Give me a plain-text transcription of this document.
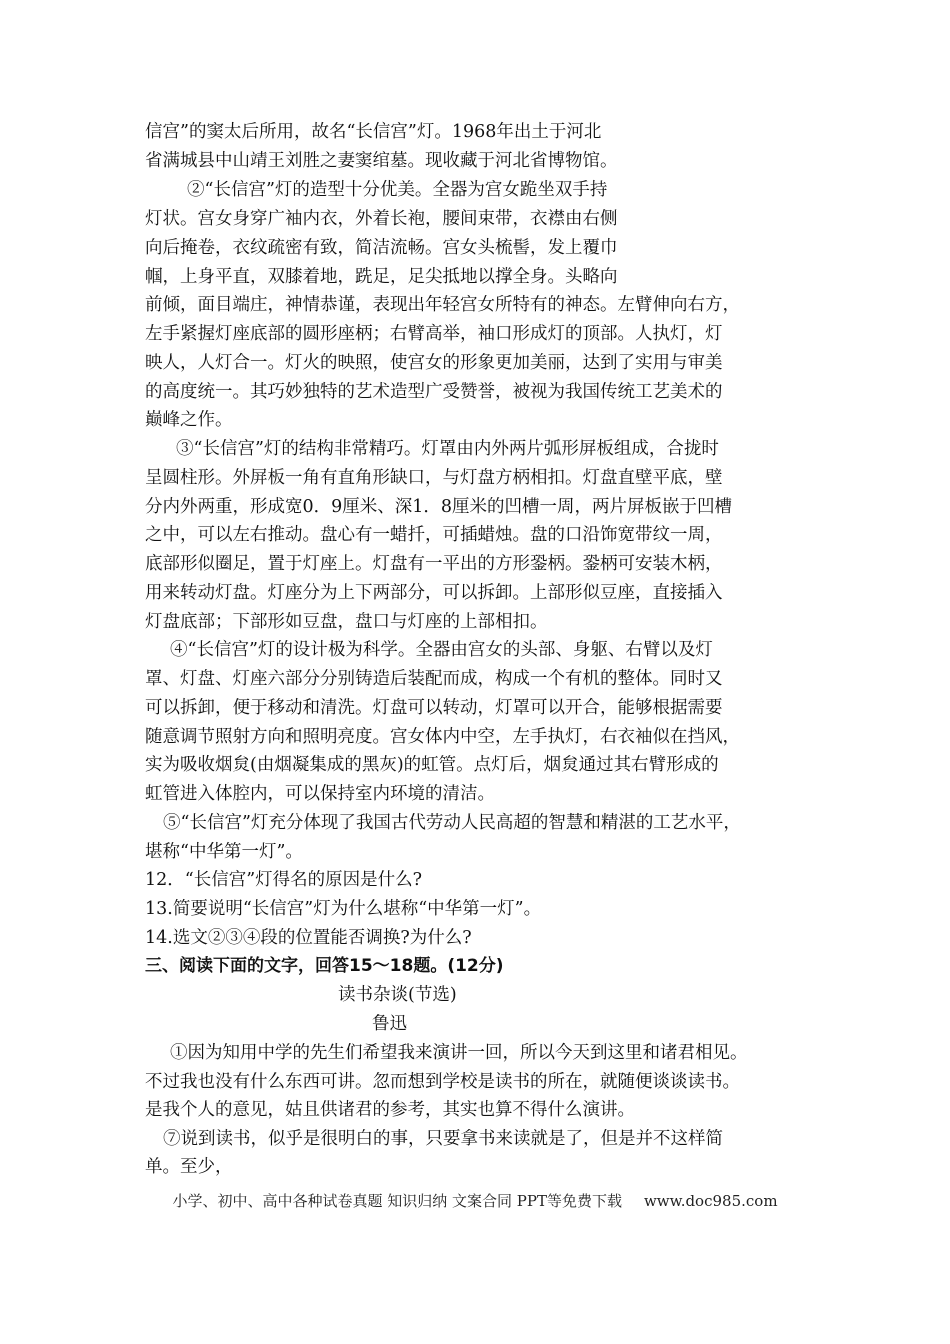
信宫”的窦太后所用，故名“长信宫”灯。1968年出土于河北
省满城县中山靖王刘胜之妻窦绾墓。现收藏于河北省博物馆。
②“长信宫”灯的造型十分优美。全器为宫女跪坐双手持
灯状。宫女身穿广袖内衣，外着长袍，腰间束带，衣襟由右侧
向后掩卷，衣纹疏密有致，简洁流畅。宫女头梳髻，发上覆巾
帼，上身平直，双膝着地，跣足，足尖抵地以撑全身。头略向
前倾，面目端庄，神情恭谨，表现出年轻宫女所特有的神态。左臂伸向右方，
左手紧握灯座底部的圆形座柄；右臂高举，袖口形成灯的顶部。人执灯，灯
映人，人灯合一。灯火的映照，使宫女的形象更加美丽，达到了实用与审美
的高度统一。其巧妙独特的艺术造型广受赞誉，被视为我国传统工艺美术的
巅峰之作。
③“长信宫”灯的结构非常精巧。灯罩由内外两片弧形屏板组成，合拢时
呈圆柱形。外屏板一角有直角形缺口，与灯盘方柄相扣。灯盘直壁平底，壁
分内外两重，形成宽0．9厘米、深1．8厘米的凹槽一周，两片屏板嵌于凹槽
之中，可以左右推动。盘心有一蜡扦，可插蜡烛。盘的口沿饰宽带纹一周，
底部形似圈足，置于灯座上。灯盘有一平出的方形銎柄。銎柄可安装木柄，
用来转动灯盘。灯座分为上下两部分，可以拆卸。上部形似豆座，直接插入
灯盘底部；下部形如豆盘，盘口与灯座的上部相扣。
④“长信宫”灯的设计极为科学。全器由宫女的头部、身躯、右臂以及灯
罩、灯盘、灯座六部分分别铸造后装配而成，构成一个有机的整体。同时又
可以拆卸，便于移动和清洗。灯盘可以转动，灯罩可以开合，能够根据需要
随意调节照射方向和照明亮度。宫女体内中空，左手执灯，右衣袖似在挡风，
实为吸收烟炱(由烟凝集成的黑灰)的虹管。点灯后，烟炱通过其右臂形成的
虹管进入体腔内，可以保持室内环境的清洁。
⑤“长信宫”灯充分体现了我国古代劳动人民高超的智慧和精湛的工艺水平，
堪称“中华第一灯”。
12．“长信宫”灯得名的原因是什么?
13.简要说明“长信宫”灯为什么堪称“中华第一灯”。
14.选文②③④段的位置能否调换?为什么?
三、阅读下面的文字，回答15～18题。(12分)
读书杂谈(节选)
鲁迅
①因为知用中学的先生们希望我来演讲一回，所以今天到这里和诸君相见。
不过我也没有什么东西可讲。忽而想到学校是读书的所在，就随便谈谈读书。
是我个人的意见，姑且供诸君的参考，其实也算不得什么演讲。
⑦说到读书，似乎是很明白的事，只要拿书来读就是了，但是并不这样简
单。至少，
小学、初中、高中各种试卷真题 知识归纳 文案合同 PPT等免费下载 www.doc985.com
